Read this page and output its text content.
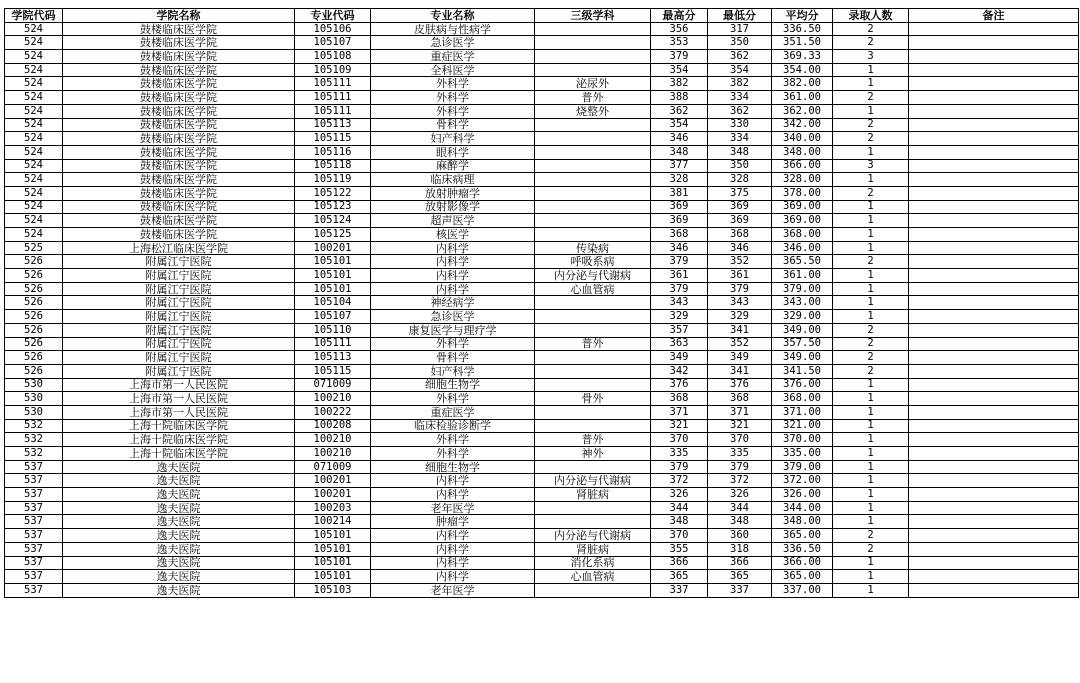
学院代码	学院名称	专业代码	专业名称	三级学科	最高分	最低分	平均分	录取人数	备注
524	鼓楼临床医学院	105106	皮肤病与性病学		356	317	336.50	2	
524	鼓楼临床医学院	105107	急诊医学		353	350	351.50	2	
524	鼓楼临床医学院	105108	重症医学		379	362	369.33	3	
524	鼓楼临床医学院	105109	全科医学		354	354	354.00	1	
524	鼓楼临床医学院	105111	外科学	泌尿外	382	382	382.00	1	
524	鼓楼临床医学院	105111	外科学	普外	388	334	361.00	2	
524	鼓楼临床医学院	105111	外科学	烧整外	362	362	362.00	1	
524	鼓楼临床医学院	105113	骨科学		354	330	342.00	2	
524	鼓楼临床医学院	105115	妇产科学		346	334	340.00	2	
524	鼓楼临床医学院	105116	眼科学		348	348	348.00	1	
524	鼓楼临床医学院	105118	麻醉学		377	350	366.00	3	
524	鼓楼临床医学院	105119	临床病理		328	328	328.00	1	
524	鼓楼临床医学院	105122	放射肿瘤学		381	375	378.00	2	
524	鼓楼临床医学院	105123	放射影像学		369	369	369.00	1	
524	鼓楼临床医学院	105124	超声医学		369	369	369.00	1	
524	鼓楼临床医学院	105125	核医学		368	368	368.00	1	
525	上海松江临床医学院	100201	内科学	传染病	346	346	346.00	1	
526	附属江宁医院	105101	内科学	呼吸系病	379	352	365.50	2	
526	附属江宁医院	105101	内科学	内分泌与代谢病	361	361	361.00	1	
526	附属江宁医院	105101	内科学	心血管病	379	379	379.00	1	
526	附属江宁医院	105104	神经病学		343	343	343.00	1	
526	附属江宁医院	105107	急诊医学		329	329	329.00	1	
526	附属江宁医院	105110	康复医学与理疗学		357	341	349.00	2	
526	附属江宁医院	105111	外科学	普外	363	352	357.50	2	
526	附属江宁医院	105113	骨科学		349	349	349.00	2	
526	附属江宁医院	105115	妇产科学		342	341	341.50	2	
530	上海市第一人民医院	071009	细胞生物学		376	376	376.00	1	
530	上海市第一人民医院	100210	外科学	骨外	368	368	368.00	1	
530	上海市第一人民医院	100222	重症医学		371	371	371.00	1	
532	上海十院临床医学院	100208	临床检验诊断学		321	321	321.00	1	
532	上海十院临床医学院	100210	外科学	普外	370	370	370.00	1	
532	上海十院临床医学院	100210	外科学	神外	335	335	335.00	1	
537	逸夫医院	071009	细胞生物学		379	379	379.00	1	
537	逸夫医院	100201	内科学	内分泌与代谢病	372	372	372.00	1	
537	逸夫医院	100201	内科学	肾脏病	326	326	326.00	1	
537	逸夫医院	100203	老年医学		344	344	344.00	1	
537	逸夫医院	100214	肿瘤学		348	348	348.00	1	
537	逸夫医院	105101	内科学	内分泌与代谢病	370	360	365.00	2	
537	逸夫医院	105101	内科学	肾脏病	355	318	336.50	2	
537	逸夫医院	105101	内科学	消化系病	366	366	366.00	1	
537	逸夫医院	105101	内科学	心血管病	365	365	365.00	1	
537	逸夫医院	105103	老年医学		337	337	337.00	1	
